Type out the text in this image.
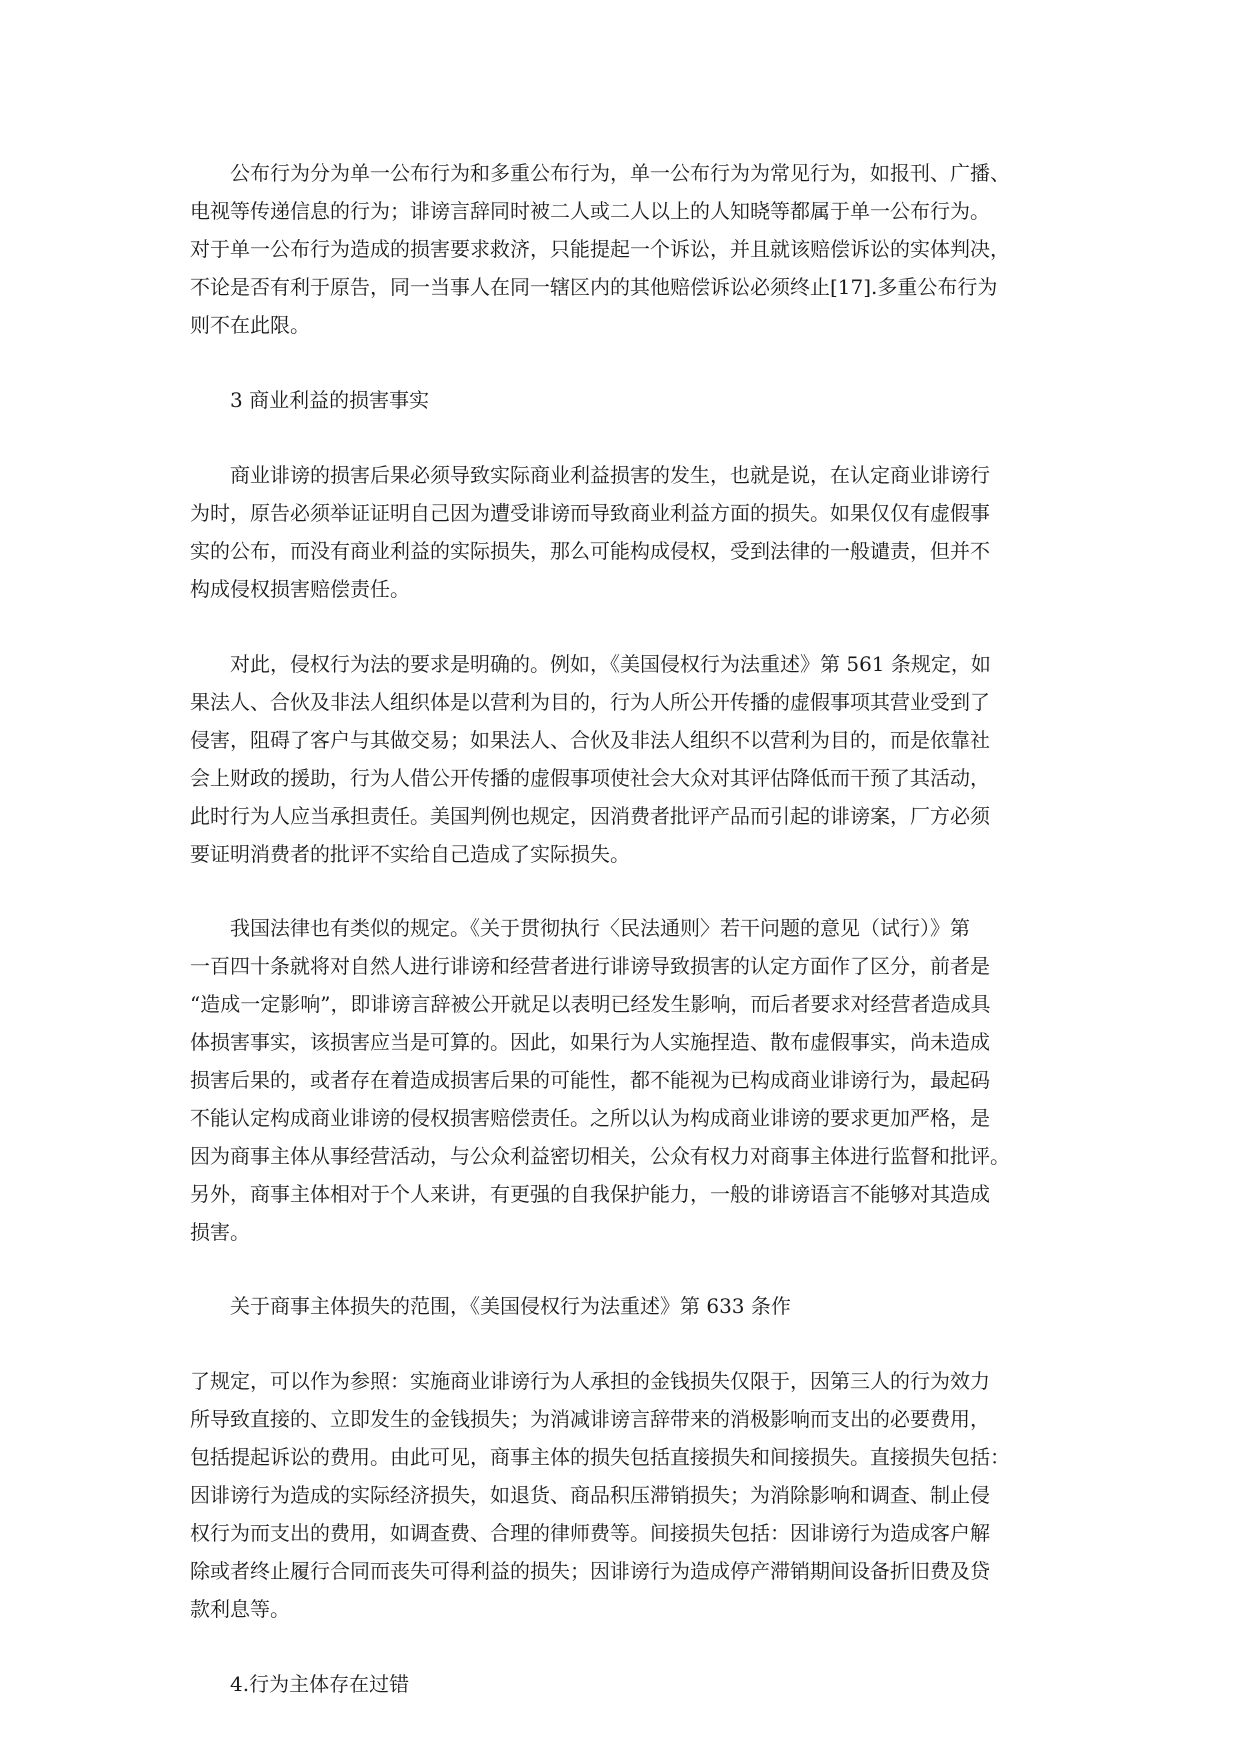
公布行为分为单一公布行为和多重公布行为，单一公布行为为常见行为，如报刊、广播、
电视等传递信息的行为；诽谤言辞同时被二人或二人以上的人知晓等都属于单一公布行为。
对于单一公布行为造成的损害要求救济，只能提起一个诉讼，并且就该赔偿诉讼的实体判决，
不论是否有利于原告，同一当事人在同一辖区内的其他赔偿诉讼必须终止[17].多重公布行为
则不在此限。
3 商业利益的损害事实
商业诽谤的损害后果必须导致实际商业利益损害的发生，也就是说，在认定商业诽谤行
为时，原告必须举证证明自己因为遭受诽谤而导致商业利益方面的损失。如果仅仅有虚假事
实的公布，而没有商业利益的实际损失，那么可能构成侵权，受到法律的一般谴责，但并不
构成侵权损害赔偿责任。
对此，侵权行为法的要求是明确的。例如，《美国侵权行为法重述》第 561 条规定，如
果法人、合伙及非法人组织体是以营利为目的，行为人所公开传播的虚假事项其营业受到了
侵害，阻碍了客户与其做交易；如果法人、合伙及非法人组织不以营利为目的，而是依靠社
会上财政的援助，行为人借公开传播的虚假事项使社会大众对其评估降低而干预了其活动，
此时行为人应当承担责任。美国判例也规定，因消费者批评产品而引起的诽谤案，厂方必须
要证明消费者的批评不实给自己造成了实际损失。
我国法律也有类似的规定。《关于贯彻执行〈民法通则〉若干问题的意见（试行）》第
一百四十条就将对自然人进行诽谤和经营者进行诽谤导致损害的认定方面作了区分，前者是
“造成一定影响”，即诽谤言辞被公开就足以表明已经发生影响，而后者要求对经营者造成具
体损害事实，该损害应当是可算的。因此，如果行为人实施捏造、散布虚假事实，尚未造成
损害后果的，或者存在着造成损害后果的可能性，都不能视为已构成商业诽谤行为，最起码
不能认定构成商业诽谤的侵权损害赔偿责任。之所以认为构成商业诽谤的要求更加严格，是
因为商事主体从事经营活动，与公众利益密切相关，公众有权力对商事主体进行监督和批评。
另外，商事主体相对于个人来讲，有更强的自我保护能力，一般的诽谤语言不能够对其造成
损害。
关于商事主体损失的范围，《美国侵权行为法重述》第 633 条作
了规定，可以作为参照：实施商业诽谤行为人承担的金钱损失仅限于，因第三人的行为效力
所导致直接的、立即发生的金钱损失；为消减诽谤言辞带来的消极影响而支出的必要费用，
包括提起诉讼的费用。由此可见，商事主体的损失包括直接损失和间接损失。直接损失包括：
因诽谤行为造成的实际经济损失，如退货、商品积压滞销损失；为消除影响和调查、制止侵
权行为而支出的费用，如调查费、合理的律师费等。间接损失包括：因诽谤行为造成客户解
除或者终止履行合同而丧失可得利益的损失；因诽谤行为造成停产滞销期间设备折旧费及贷
款利息等。
4.行为主体存在过错
